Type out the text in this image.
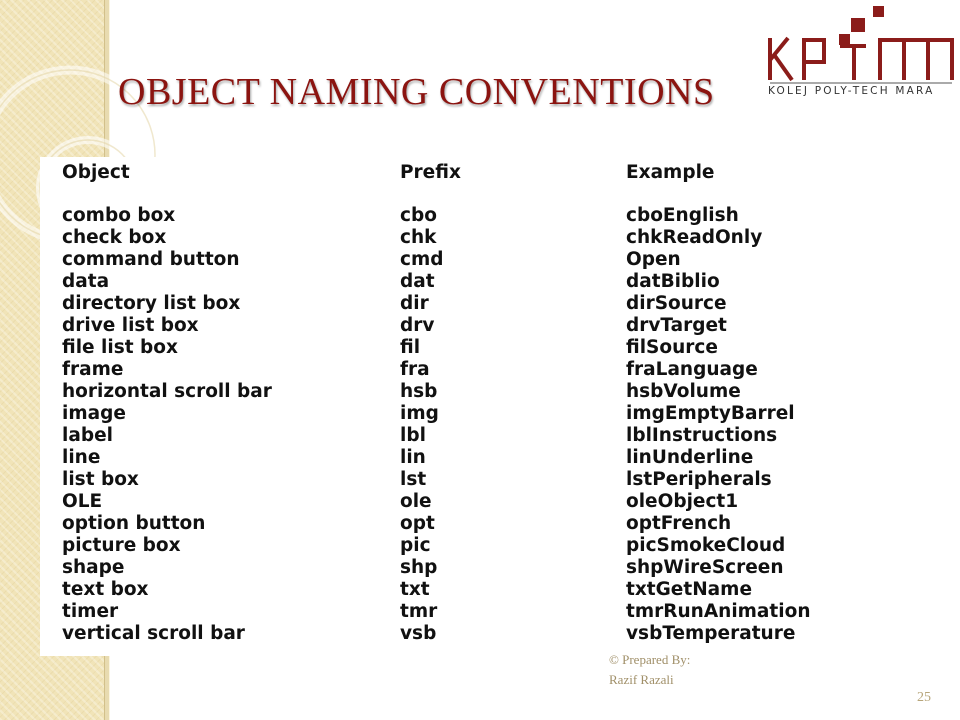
OBJECT NAMING CONVENTIONS	KOLEJ POLY-TECH MARA
Object	Prefix	Example

combo box	cbo	cboEnglish
check box	chk	chkReadOnly
command button	cmd	Open
data	dat	datBiblio
directory list box	dir	dirSource
drive list box	drv	drvTarget
file list box	fil	filSource
frame	fra	fraLanguage
horizontal scroll bar	hsb	hsbVolume
image	img	imgEmptyBarrel
label	lbl	lblInstructions
line	lin	linUnderline
list box	lst	lstPeripherals
OLE	ole	oleObject1
option button	opt	optFrench
picture box	pic	picSmokeCloud
shape	shp	shpWireScreen
text box	txt	txtGetName
timer	tmr	tmrRunAnimation
vertical scroll bar	vsb	vsbTemperature
© Prepared By:
Razif Razali
25
